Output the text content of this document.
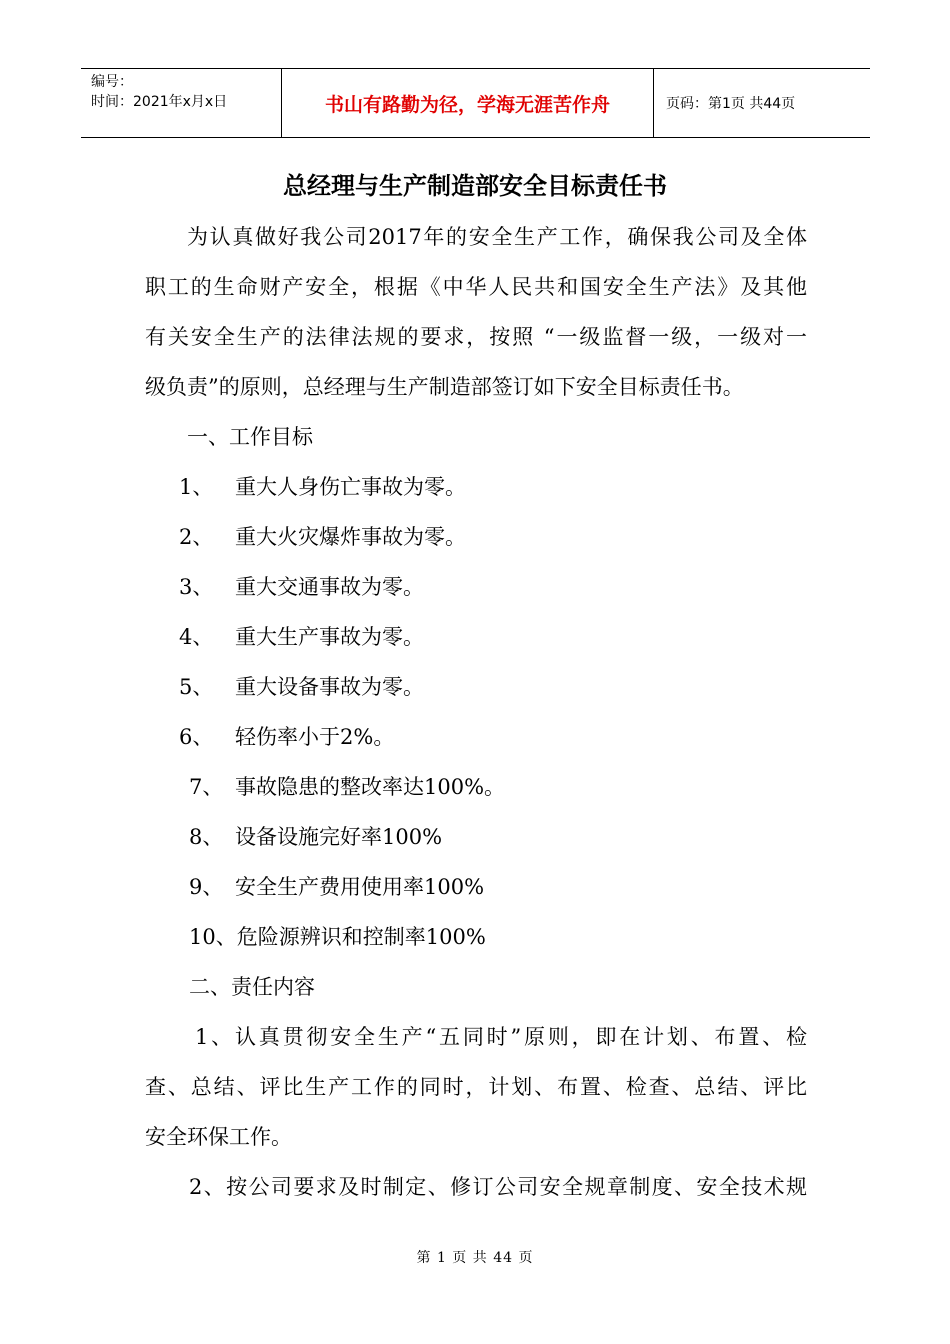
编号：
时间：2021年x月x日	书山有路勤为径，学海无涯苦作舟	页码：第1页 共44页
总经理与生产制造部安全目标责任书
为认真做好我公司2017年的安全生产工作，确保我公司及全体
职工的生命财产安全，根据《中华人民共和国安全生产法》及其他
有关安全生产的法律法规的要求，按照 “一级监督一级，一级对一
级负责”的原则，总经理与生产制造部签订如下安全目标责任书。
一、工作目标
1、 重大人身伤亡事故为零。
2、 重大火灾爆炸事故为零。
3、 重大交通事故为零。
4、 重大生产事故为零。
5、 重大设备事故为零。
6、 轻伤率小于2%。
7、 事故隐患的整改率达100%。
8、 设备设施完好率100%
9、 安全生产费用使用率100%
10、危险源辨识和控制率100%
二、责任内容
1、认真贯彻安全生产“五同时”原则，即在计划、布置、检
查、总结、评比生产工作的同时，计划、布置、检查、总结、评比
安全环保工作。
2、按公司要求及时制定、修订公司安全规章制度、安全技术规
第 1 页 共 44 页
